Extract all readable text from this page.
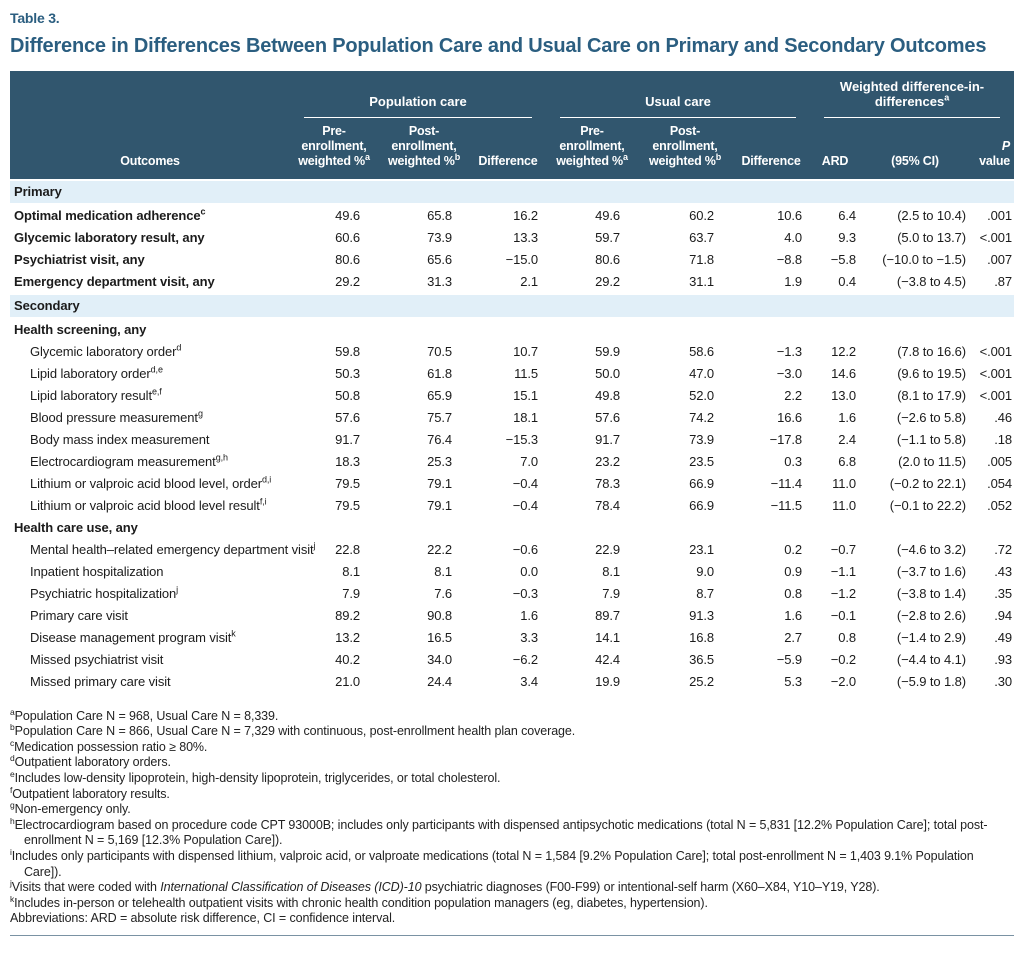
Table 3.
Difference in Differences Between Population Care and Usual Care on Primary and Secondary Outcomes

	Population care			Usual care			Weighted difference-in-differences$^a$

Outcomes	Pre-enrollment, weighted %$^a$	Post-enrollment, weighted %$^b$	Difference	Pre-enrollment, weighted %$^a$	Post-enrollment, weighted %$^b$	Difference	ARD	(95% CI)	P
value

Primary									
Optimal medication adherence$^c$	49.6	65.8	16.2	49.6	60.2	10.6	6.4	(2.5 to 10.4)	.001
Glycemic laboratory result, any	60.6	73.9	13.3	59.7	63.7	4.0	9.3	(5.0 to 13.7)	<.001
Psychiatrist visit, any	80.6	65.6	−15.0	80.6	71.8	−8.8	−5.8	(−10.0 to −1.5)	.007
Emergency department visit, any	29.2	31.3	2.1	29.2	31.1	1.9	0.4	(−3.8 to 4.5)	.87
Secondary									
Health screening, any									
Glycemic laboratory order$^d$	59.8	70.5	10.7	59.9	58.6	−1.3	12.2	(7.8 to 16.6)	<.001
Lipid laboratory order$^{d,e}$	50.3	61.8	11.5	50.0	47.0	−3.0	14.6	(9.6 to 19.5)	<.001
Lipid laboratory result$^{e,f}$	50.8	65.9	15.1	49.8	52.0	2.2	13.0	(8.1 to 17.9)	<.001
Blood pressure measurement$^g$	57.6	75.7	18.1	57.6	74.2	16.6	1.6	(−2.6 to 5.8)	.46
Body mass index measurement	91.7	76.4	−15.3	91.7	73.9	−17.8	2.4	(−1.1 to 5.8)	.18
Electrocardiogram measurement$^{g,h}$	18.3	25.3	7.0	23.2	23.5	0.3	6.8	(2.0 to 11.5)	.005
Lithium or valproic acid blood level, order$^{d,i}$	79.5	79.1	−0.4	78.3	66.9	−11.4	11.0	(−0.2 to 22.1)	.054
Lithium or valproic acid blood level result$^{f,i}$	79.5	79.1	−0.4	78.4	66.9	−11.5	11.0	(−0.1 to 22.2)	.052
Health care use, any									
Mental health–related emergency department visit$^j$	22.8	22.2	−0.6	22.9	23.1	0.2	−0.7	(−4.6 to 3.2)	.72
Inpatient hospitalization	8.1	8.1	0.0	8.1	9.0	0.9	−1.1	(−3.7 to 1.6)	.43
Psychiatric hospitalization$^j$	7.9	7.6	−0.3	7.9	8.7	0.8	−1.2	(−3.8 to 1.4)	.35
Primary care visit	89.2	90.8	1.6	89.7	91.3	1.6	−0.1	(−2.8 to 2.6)	.94
Disease management program visit$^k$	13.2	16.5	3.3	14.1	16.8	2.7	0.8	(−1.4 to 2.9)	.49
Missed psychiatrist visit	40.2	34.0	−6.2	42.4	36.5	−5.9	−0.2	(−4.4 to 4.1)	.93
Missed primary care visit	21.0	24.4	3.4	19.9	25.2	5.3	−2.0	(−5.9 to 1.8)	.30
$^a$Population Care N = 968, Usual Care N = 8,339.
$^b$Population Care N = 866, Usual Care N = 7,329 with continuous, post-enrollment health plan coverage.
$^c$Medication possession ratio ≥ 80%.
$^d$Outpatient laboratory orders.
$^e$Includes low-density lipoprotein, high-density lipoprotein, triglycerides, or total cholesterol.
$^f$Outpatient laboratory results.
$^g$Non-emergency only.
$^h$Electrocardiogram based on procedure code CPT 93000B; includes only participants with dispensed antipsychotic medications (total N = 5,831 [12.2% Population Care]; total post-enrollment N = 5,169 [12.3% Population Care]).
$^i$Includes only participants with dispensed lithium, valproic acid, or valproate medications (total N = 1,584 [9.2% Population Care]; total post-enrollment N = 1,403 9.1% Population Care]).
$^j$Visits that were coded with International Classification of Diseases (ICD)-10 psychiatric diagnoses (F00-F99) or intentional-self harm (X60–X84, Y10–Y19, Y28).
$^k$Includes in-person or telehealth outpatient visits with chronic health condition population managers (eg, diabetes, hypertension).
Abbreviations: ARD = absolute risk difference, CI = confidence interval.
